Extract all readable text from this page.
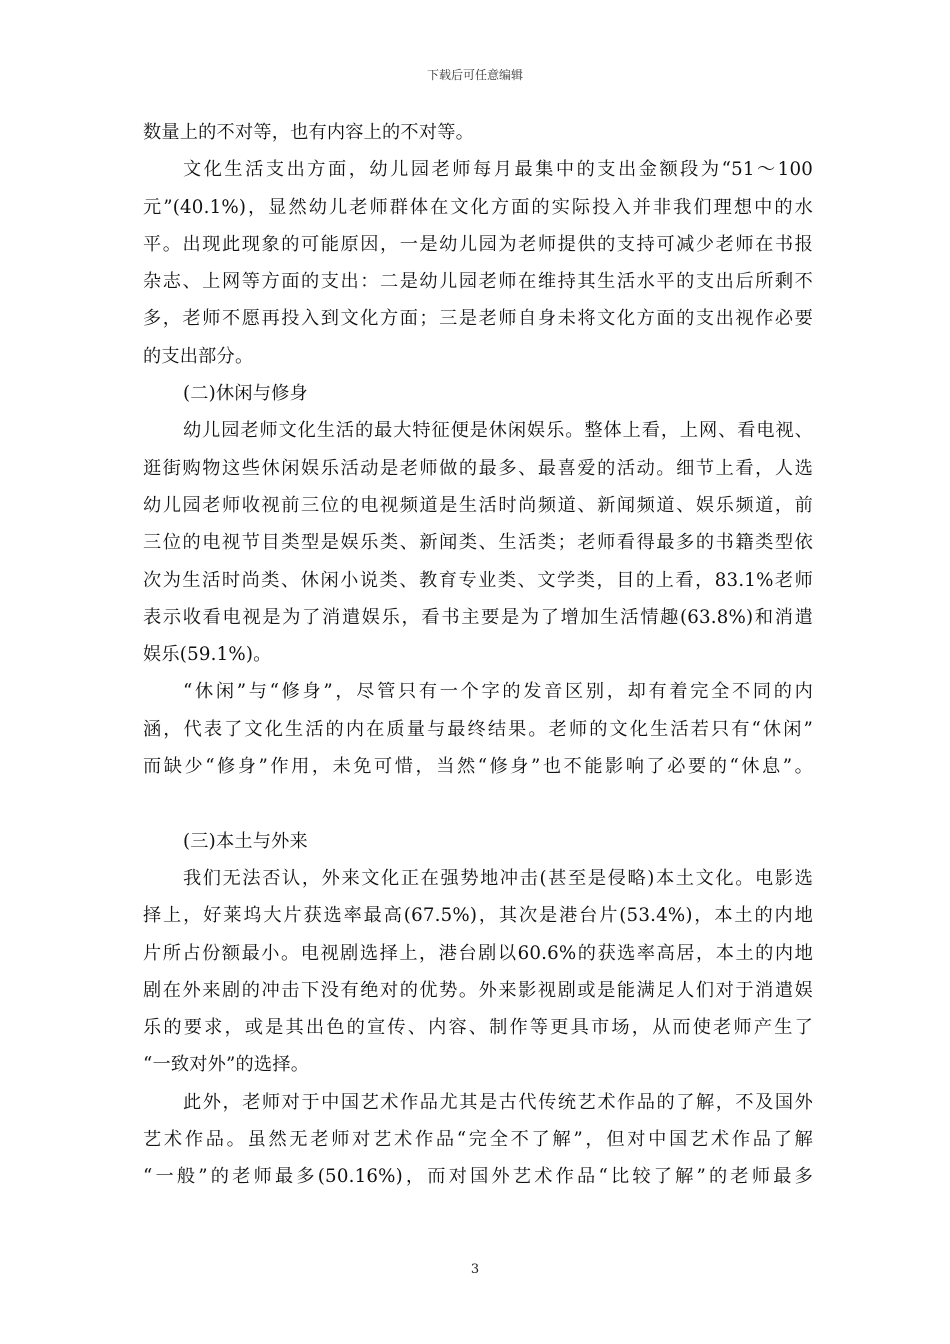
下载后可任意编辑
数量上的不对等，也有内容上的不对等。
文化生活支出方面，幼儿园老师每月最集中的支出金额段为“51～100
元”(40.1%)，显然幼儿老师群体在文化方面的实际投入并非我们理想中的水
平。出现此现象的可能原因，一是幼儿园为老师提供的支持可减少老师在书报
杂志、上网等方面的支出：二是幼儿园老师在维持其生活水平的支出后所剩不
多，老师不愿再投入到文化方面；三是老师自身未将文化方面的支出视作必要
的支出部分。
(二)休闲与修身
幼儿园老师文化生活的最大特征便是休闲娱乐。整体上看，上网、看电视、
逛街购物这些休闲娱乐活动是老师做的最多、最喜爱的活动。细节上看，人选
幼儿园老师收视前三位的电视频道是生活时尚频道、新闻频道、娱乐频道，前
三位的电视节目类型是娱乐类、新闻类、生活类；老师看得最多的书籍类型依
次为生活时尚类、休闲小说类、教育专业类、文学类，目的上看，83.1%老师
表示收看电视是为了消遣娱乐，看书主要是为了增加生活情趣(63.8%)和消遣
娱乐(59.1%)。
“休闲”与“修身”，尽管只有一个字的发音区别，却有着完全不同的内
涵，代表了文化生活的内在质量与最终结果。老师的文化生活若只有“休闲”
而缺少“修身”作用，未免可惜，当然“修身”也不能影响了必要的“休息”。
(三)本土与外来
我们无法否认，外来文化正在强势地冲击(甚至是侵略)本土文化。电影选
择上，好莱坞大片获选率最高(67.5%)，其次是港台片(53.4%)，本土的内地
片所占份额最小。电视剧选择上，港台剧以60.6%的获选率高居，本土的内地
剧在外来剧的冲击下没有绝对的优势。外来影视剧或是能满足人们对于消遣娱
乐的要求，或是其出色的宣传、内容、制作等更具市场，从而使老师产生了
“一致对外”的选择。
此外，老师对于中国艺术作品尤其是古代传统艺术作品的了解，不及国外
艺术作品。虽然无老师对艺术作品“完全不了解”，但对中国艺术作品了解
“一般”的老师最多(50.16%)，而对国外艺术作品“比较了解”的老师最多
3
